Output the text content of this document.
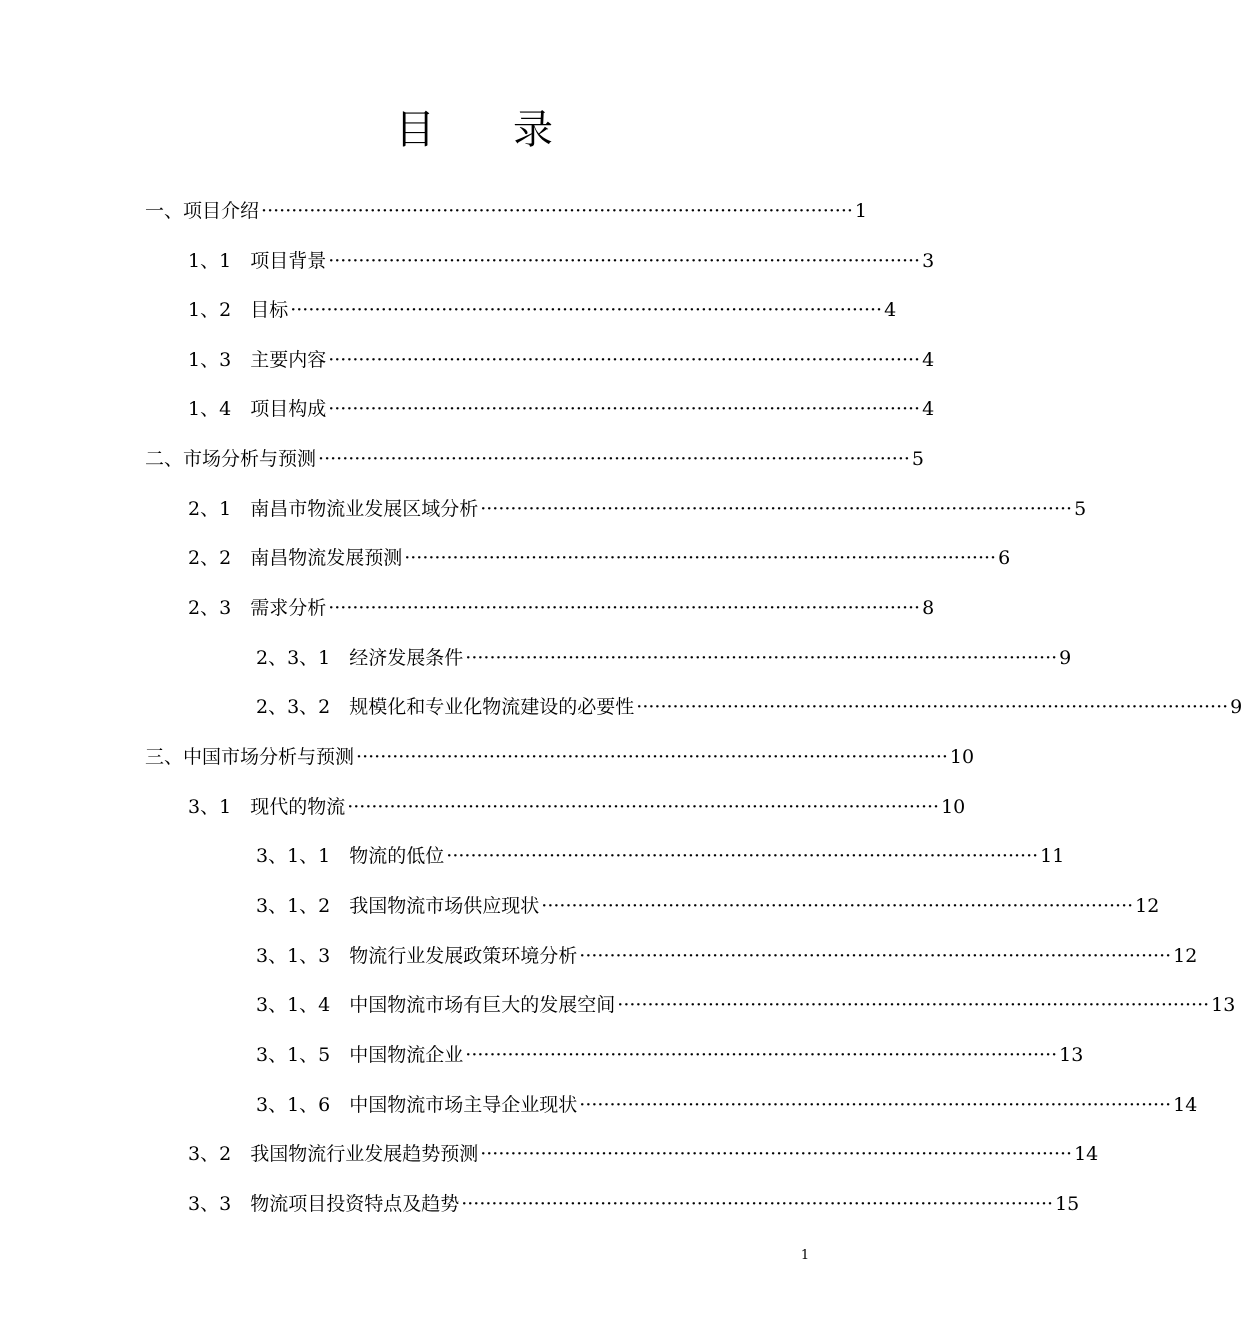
目 录
一、 项目介绍 ·································································································· 1
1、1　 项目背景 ·································································································· 3
1、2　 目标 ·································································································· 4
1、3　 主要内容 ·································································································· 4
1、4　 项目构成 ·································································································· 4
二、 市场分析与预测 ·································································································· 5
2、1　 南昌市物流业发展区域分析 ·································································································· 5
2、2　 南昌物流发展预测 ·································································································· 6
2、3　 需求分析 ·································································································· 8
2、3、1　 经济发展条件 ·································································································· 9
2、3、2　 规模化和专业化物流建设的必要性 ·································································································· 9
三、 中国市场分析与预测 ·································································································· 10
3、1　 现代的物流 ·································································································· 10
3、1、1　 物流的低位 ·································································································· 11
3、1、2　 我国物流市场供应现状 ·································································································· 12
3、1、3　 物流行业发展政策环境分析 ·································································································· 12
3、1、4　 中国物流市场有巨大的发展空间 ·································································································· 13
3、1、5　 中国物流企业 ·································································································· 13
3、1、6　 中国物流市场主导企业现状 ·································································································· 14
3、2　 我国物流行业发展趋势预测 ·································································································· 14
3、3　 物流项目投资特点及趋势 ·································································································· 15
1
